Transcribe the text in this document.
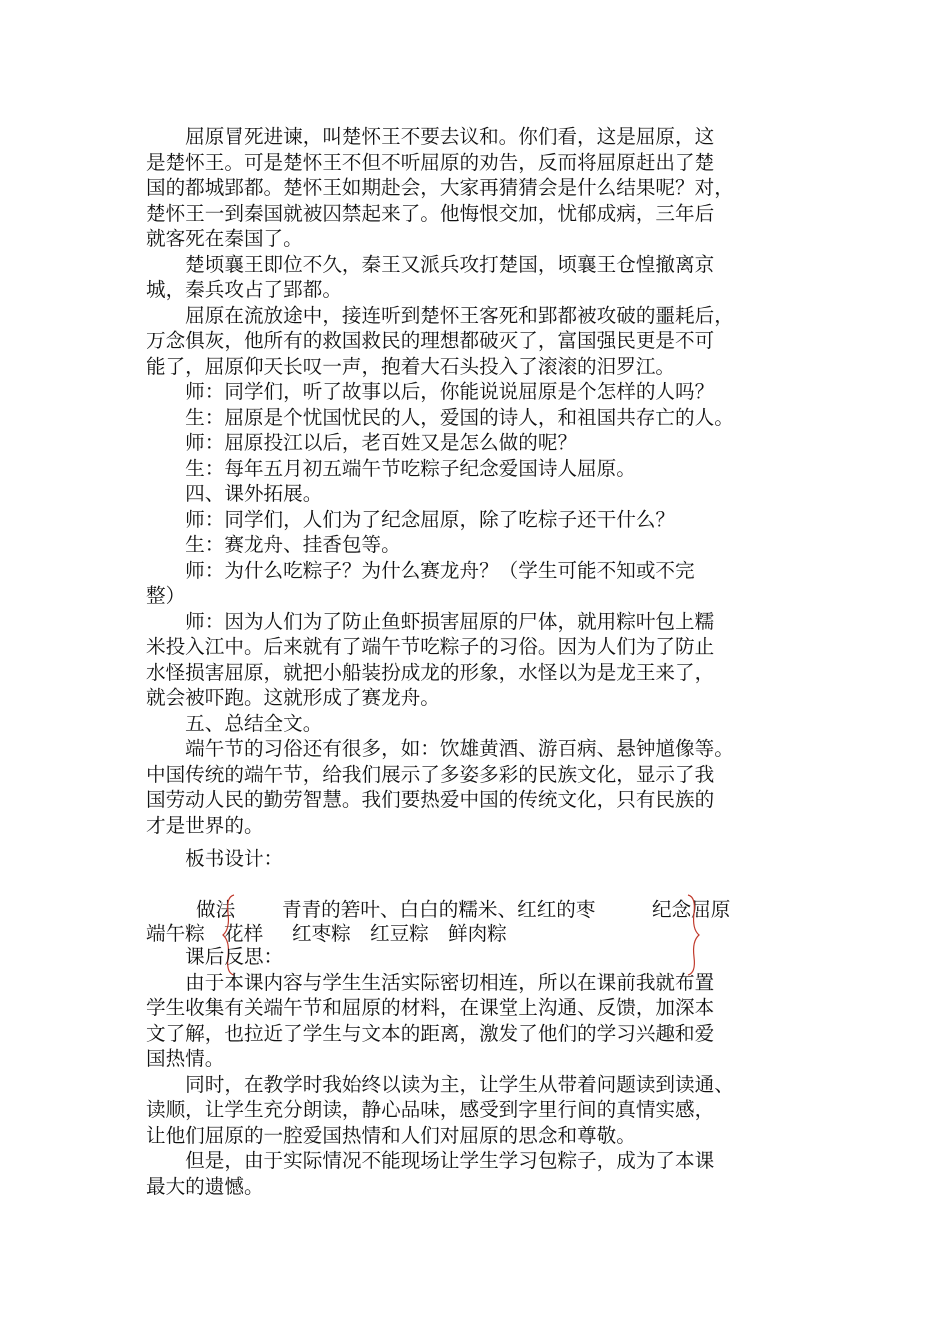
　　屈原冒死进谏，叫楚怀王不要去议和。你们看，这是屈原，这
是楚怀王。可是楚怀王不但不听屈原的劝告，反而将屈原赶出了楚
国的都城郢都。楚怀王如期赴会，大家再猜猜会是什么结果呢？对，
楚怀王一到秦国就被囚禁起来了。他悔恨交加，忧郁成病，三年后
就客死在秦国了。
　　楚顷襄王即位不久，秦王又派兵攻打楚国，顷襄王仓惶撤离京
城，秦兵攻占了郢都。
　　屈原在流放途中，接连听到楚怀王客死和郢都被攻破的噩耗后，
万念俱灰，他所有的救国救民的理想都破灭了，富国强民更是不可
能了，屈原仰天长叹一声，抱着大石头投入了滚滚的汨罗江。
　　师：同学们，听了故事以后，你能说说屈原是个怎样的人吗？
　　生：屈原是个忧国忧民的人，爱国的诗人，和祖国共存亡的人。
　　师：屈原投江以后，老百姓又是怎么做的呢？
　　生：每年五月初五端午节吃粽子纪念爱国诗人屈原。
　　四、课外拓展。
　　师：同学们，人们为了纪念屈原，除了吃棕子还干什么？
　　生：赛龙舟、挂香包等。
　　师：为什么吃粽子？为什么赛龙舟？（学生可能不知或不完
整）
　　师：因为人们为了防止鱼虾损害屈原的尸体，就用粽叶包上糯
米投入江中。后来就有了端午节吃粽子的习俗。因为人们为了防止
水怪损害屈原，就把小船装扮成龙的形象，水怪以为是龙王来了，
就会被吓跑。这就形成了赛龙舟。
　　五、总结全文。
　　端午节的习俗还有很多，如：饮雄黄酒、游百病、悬钟馗像等。
中国传统的端午节，给我们展示了多姿多彩的民族文化，显示了我
国劳动人民的勤劳智慧。我们要热爱中国的传统文化，只有民族的
才是世界的。
　　板书设计：
做法 青青的箬叶、白白的糯米、红红的枣	纪念屈原
端午粽 花样 红枣粽 红豆粽 鲜肉粽
　　课后反思：
　　由于本课内容与学生生活实际密切相连，所以在课前我就布置
学生收集有关端午节和屈原的材料，在课堂上沟通、反馈，加深本
文了解，也拉近了学生与文本的距离，激发了他们的学习兴趣和爱
国热情。
　　同时，在教学时我始终以读为主，让学生从带着问题读到读通、
读顺，让学生充分朗读，静心品味，感受到字里行间的真情实感，
让他们屈原的一腔爱国热情和人们对屈原的思念和尊敬。
　　但是，由于实际情况不能现场让学生学习包粽子，成为了本课
最大的遗憾。
